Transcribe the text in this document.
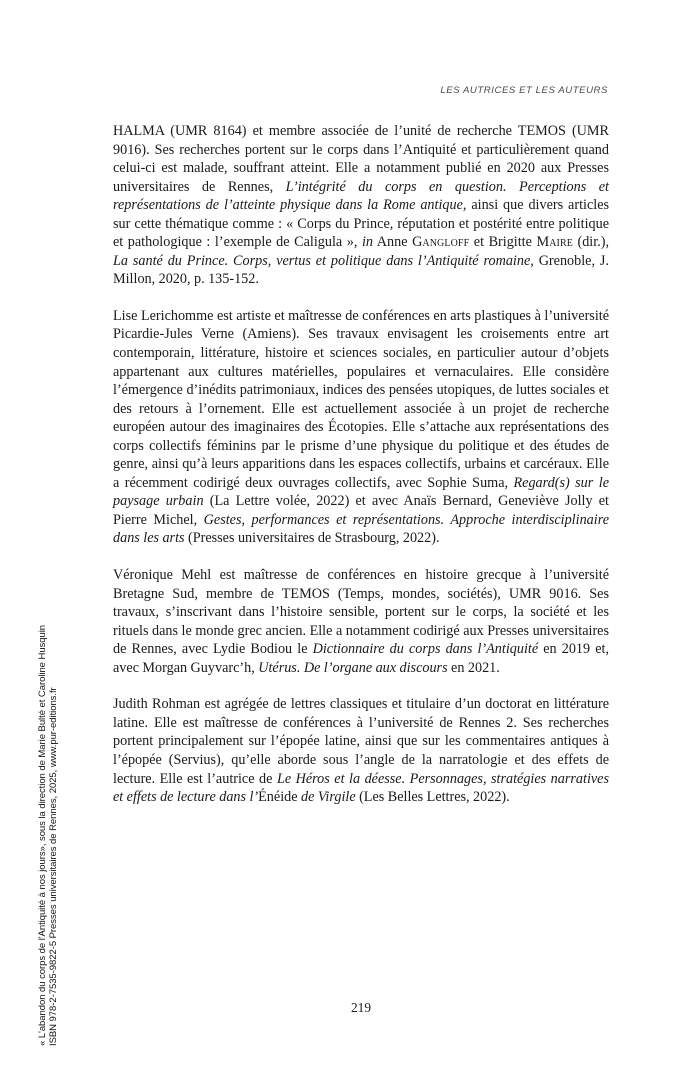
LES AUTRICES ET LES AUTEURS

HALMA (UMR 8164) et membre associée de l’unité de recherche TEMOS (UMR 9016). Ses recherches portent sur le corps dans l’Antiquité et particulièrement quand celui-ci est malade, souffrant atteint. Elle a notamment publié en 2020 aux Presses universitaires de Rennes, L’intégrité du corps en question. Perceptions et représentations de l’atteinte physique dans la Rome antique, ainsi que divers articles sur cette thématique comme : « Corps du Prince, réputation et postérité entre politique et pathologique : l’exemple de Caligula », in Anne Gangloff et Brigitte Maire (dir.), La santé du Prince. Corps, vertus et politique dans l’Antiquité romaine, Grenoble, J. Millon, 2020, p. 135-152.

Lise Lerichomme est artiste et maîtresse de conférences en arts plastiques à l’université Picardie-Jules Verne (Amiens). Ses travaux envisagent les croisements entre art contemporain, littérature, histoire et sciences sociales, en particulier autour d’objets appartenant aux cultures matérielles, populaires et vernaculaires. Elle considère l’émergence d’inédits patrimoniaux, indices des pensées utopiques, de luttes sociales et des retours à l’ornement. Elle est actuellement associée à un projet de recherche européen autour des imaginaires des Écotopies. Elle s’attache aux représentations des corps collectifs féminins par le prisme d’une physique du politique et des études de genre, ainsi qu’à leurs apparitions dans les espaces collectifs, urbains et carcéraux. Elle a récemment codirigé deux ouvrages collectifs, avec Sophie Suma, Regard(s) sur le paysage urbain (La Lettre volée, 2022) et avec Anaïs Bernard, Geneviève Jolly et Pierre Michel, Gestes, performances et représentations. Approche interdisciplinaire dans les arts (Presses universitaires de Strasbourg, 2022).

Véronique Mehl est maîtresse de conférences en histoire grecque à l’université Bretagne Sud, membre de TEMOS (Temps, mondes, sociétés), UMR 9016. Ses travaux, s’inscrivant dans l’histoire sensible, portent sur le corps, la société et les rituels dans le monde grec ancien. Elle a notamment codirigé aux Presses universitaires de Rennes, avec Lydie Bodiou le Dictionnaire du corps dans l’Antiquité en 2019 et, avec Morgan Guyvarc’h, Utérus. De l’organe aux discours en 2021.

Judith Rohman est agrégée de lettres classiques et titulaire d’un doctorat en littérature latine. Elle est maîtresse de conférences à l’université de Rennes 2. Ses recherches portent principalement sur l’épopée latine, ainsi que sur les commentaires antiques à l’épopée (Servius), qu’elle aborde sous l’angle de la narratologie et des effets de lecture. Elle est l’autrice de Le Héros et la déesse. Personnages, stratégies narratives et effets de lecture dans l’Énéide de Virgile (Les Belles Lettres, 2022).

219
« L'abandon du corps de l'Antiquité à nos jours», sous la direction de Marie Bulté et Caroline Husquin ISBN 978-2-7535-9822-5 Presses universitaires de Rennes, 2025, www.pur-editions.fr
